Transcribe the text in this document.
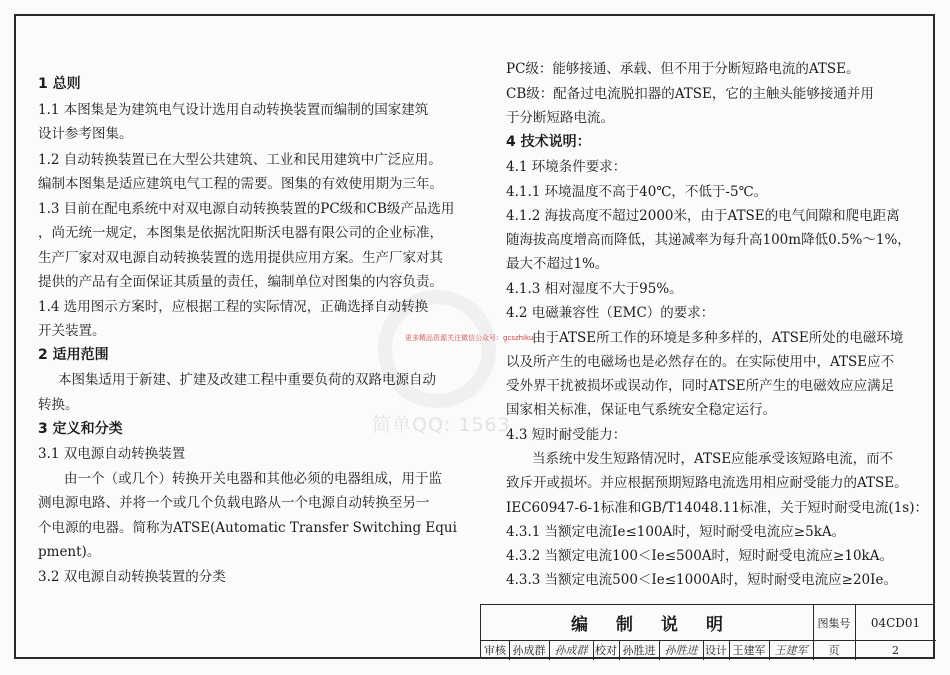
1 总则
1.1 本图集是为建筑电气设计选用自动转换装置而编制的国家建筑
设计参考图集。
1.2 自动转换装置已在大型公共建筑、工业和民用建筑中广泛应用。
编制本图集是适应建筑电气工程的需要。图集的有效使用期为三年。
1.3 目前在配电系统中对双电源自动转换装置的PC级和CB级产品选用
，尚无统一规定，本图集是依据沈阳斯沃电器有限公司的企业标准，
生产厂家对双电源自动转换装置的选用提供应用方案。生产厂家对其
提供的产品有全面保证其质量的责任，编制单位对图集的内容负责。
1.4 选用图示方案时，应根据工程的实际情况，正确选择自动转换
开关装置。
2 适用范围
本图集适用于新建、扩建及改建工程中重要负荷的双路电源自动
转换。
3 定义和分类
3.1 双电源自动转换装置
由一个（或几个）转换开关电器和其他必须的电器组成，用于监
测电源电路、并将一个或几个负载电路从一个电源自动转换至另一
个电源的电器。简称为ATSE(Automatic Transfer Switching Equi
pment)。
3.2 双电源自动转换装置的分类
PC级：能够接通、承载、但不用于分断短路电流的ATSE。
CB级：配备过电流脱扣器的ATSE，它的主触头能够接通并用
于分断短路电流。
4 技术说明：
4.1 环境条件要求：
4.1.1 环境温度不高于40℃，不低于-5℃。
4.1.2 海拔高度不超过2000米，由于ATSE的电气间隙和爬电距离
随海拔高度增高而降低，其递减率为每升高100m降低0.5%～1%，
最大不超过1%。
4.1.3 相对湿度不大于95%。
4.2 电磁兼容性（EMC）的要求：
由于ATSE所工作的环境是多种多样的，ATSE所处的电磁环境
以及所产生的电磁场也是必然存在的。在实际使用中，ATSE应不
受外界干扰被损坏或误动作，同时ATSE所产生的电磁效应应满足
国家相关标准，保证电气系统安全稳定运行。
4.3 短时耐受能力：
当系统中发生短路情况时，ATSE应能承受该短路电流，而不
致斥开或损坏。并应根据预期短路电流选用相应耐受能力的ATSE。
IEC60947-6-1标准和GB/T14048.11标准，关于短时耐受电流(1s)：
4.3.1 当额定电流Ie≤100A时，短时耐受电流应≥5kA。
4.3.2 当额定电流100＜Ie≤500A时，短时耐受电流应≥10kA。
4.3.3 当额定电流500＜Ie≤1000A时，短时耐受电流应≥20Ie。
更多精品资源关注微信公众号：gcszhiku
简单QQ: 1563
编制说明	图集号	04CD01
审核 孙成群 孙成群 校对 孙胜进 孙胜进 设计 王建军 王建军	页	2
